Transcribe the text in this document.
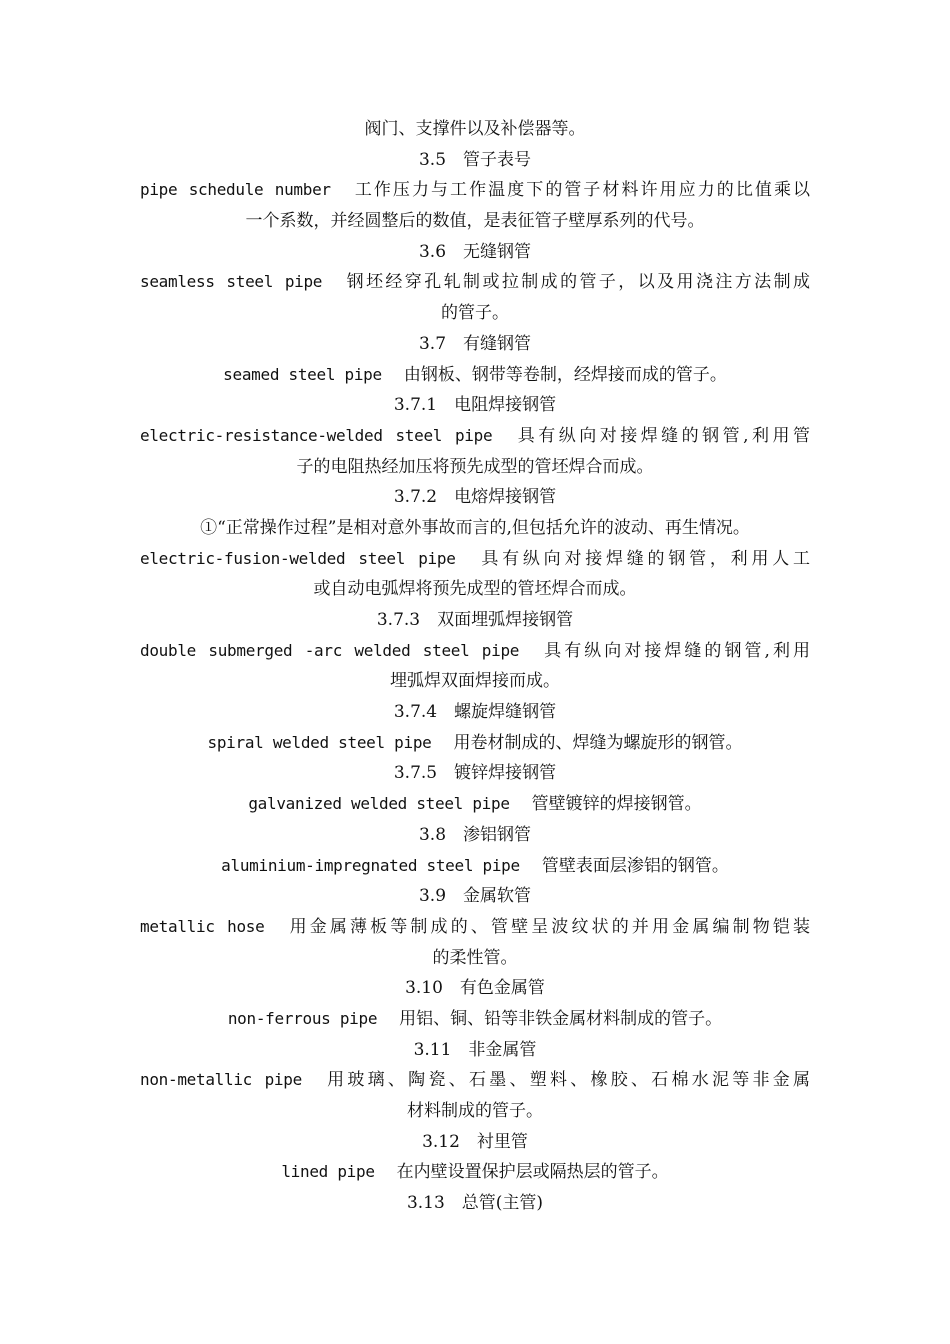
阀门、支撑件以及补偿器等。
3.5　管子表号
pipe schedule number 工作压力与工作温度下的管子材料许用应力的比值乘以
一个系数，并经圆整后的数值，是表征管子壁厚系列的代号。
3.6　无缝钢管
seamless steel pipe 钢坯经穿孔轧制或拉制成的管子，以及用浇注方法制成
的管子。
3.7　有缝钢管
seamed steel pipe 由钢板、钢带等卷制，经焊接而成的管子。
3.7.1　电阻焊接钢管
electric-resistance-welded steel pipe 具有纵向对接焊缝的钢管,利用管
子的电阻热经加压将预先成型的管坯焊合而成。
3.7.2　电熔焊接钢管
①“正常操作过程”是相对意外事故而言的,但包括允许的波动、再生情况。
electric-fusion-welded steel pipe 具有纵向对接焊缝的钢管，利用人工
或自动电弧焊将预先成型的管坯焊合而成。
3.7.3　双面埋弧焊接钢管
double submerged -arc welded steel pipe 具有纵向对接焊缝的钢管,利用
埋弧焊双面焊接而成。
3.7.4　螺旋焊缝钢管
spiral welded steel pipe 用卷材制成的、焊缝为螺旋形的钢管。
3.7.5　镀锌焊接钢管
galvanized welded steel pipe 管壁镀锌的焊接钢管。
3.8　渗铝钢管
aluminium-impregnated steel pipe 管壁表面层渗铝的钢管。
3.9　金属软管
metallic hose 用金属薄板等制成的、管壁呈波纹状的并用金属编制物铠装
的柔性管。
3.10　有色金属管
non-ferrous pipe 用铝、铜、铅等非铁金属材料制成的管子。
3.11　非金属管
non-metallic pipe 用玻璃、陶瓷、石墨、塑料、橡胶、石棉水泥等非金属
材料制成的管子。
3.12　衬里管
lined pipe 在内壁设置保护层或隔热层的管子。
3.13　总管(主管)
